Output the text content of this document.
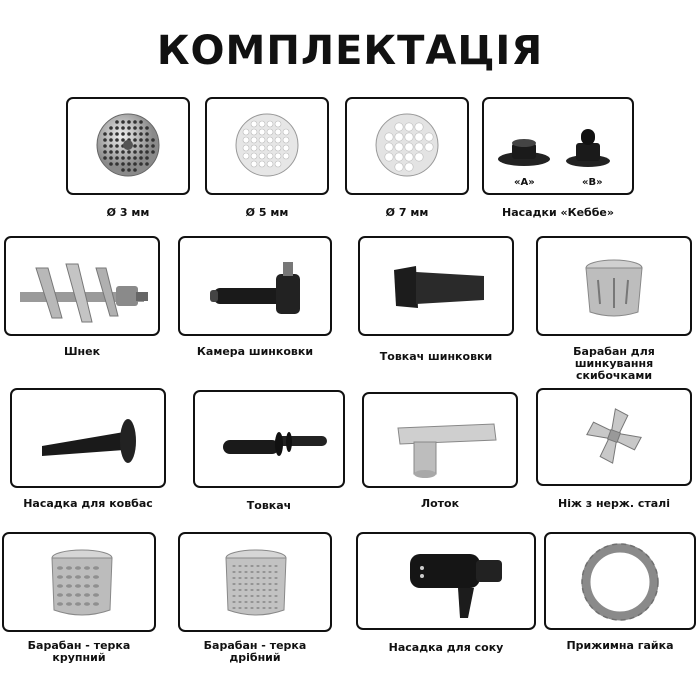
КОМПЛЕКТАЦІЯ
Ø 3 мм	Ø 5 мм	Ø 7 мм
«A»	«B»
Насадки «Кеббе»
Шнек	Камера шинковки	Товкач шинковки	Барабан для шинкування скибочками
Насадка для ковбас	Товкач	Лоток	Ніж з нерж. сталі
Барабан - терка крупний
Барабан - терка дрібний
Насадка для соку	Прижимна гайка
